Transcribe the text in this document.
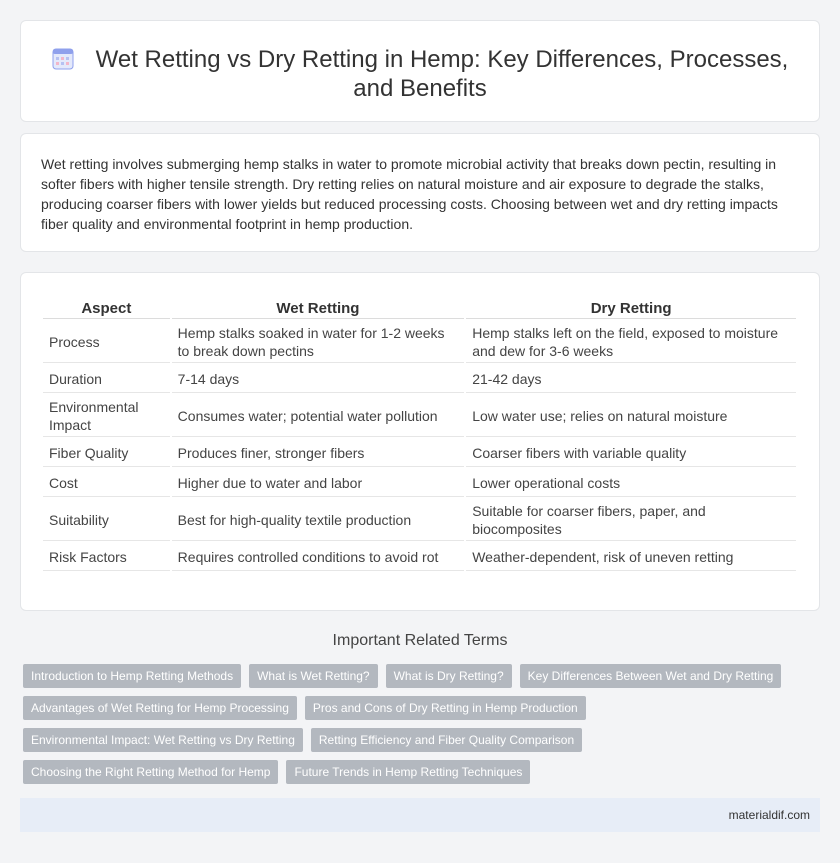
Wet Retting vs Dry Retting in Hemp: Key Differences, Processes, and Benefits

Wet retting involves submerging hemp stalks in water to promote microbial activity that breaks down pectin, resulting in softer fibers with higher tensile strength. Dry retting relies on natural moisture and air exposure to degrade the stalks, producing coarser fibers with lower yields but reduced processing costs. Choosing between wet and dry retting impacts fiber quality and environmental footprint in hemp production.

Aspect	Wet Retting	Dry Retting
Process	Hemp stalks soaked in water for 1-2 weeks to break down pectins	Hemp stalks left on the field, exposed to moisture and dew for 3-6 weeks
Duration	7-14 days	21-42 days
Environmental Impact	Consumes water; potential water pollution	Low water use; relies on natural moisture
Fiber Quality	Produces finer, stronger fibers	Coarser fibers with variable quality
Cost	Higher due to water and labor	Lower operational costs
Suitability	Best for high-quality textile production	Suitable for coarser fibers, paper, and biocomposites
Risk Factors	Requires controlled conditions to avoid rot	Weather-dependent, risk of uneven retting
Important Related Terms
Introduction to Hemp Retting Methods	What is Wet Retting?	What is Dry Retting?	Key Differences Between Wet and Dry Retting
Advantages of Wet Retting for Hemp Processing	Pros and Cons of Dry Retting in Hemp Production
Environmental Impact: Wet Retting vs Dry Retting	Retting Efficiency and Fiber Quality Comparison
Choosing the Right Retting Method for Hemp	Future Trends in Hemp Retting Techniques
materialdif.com
